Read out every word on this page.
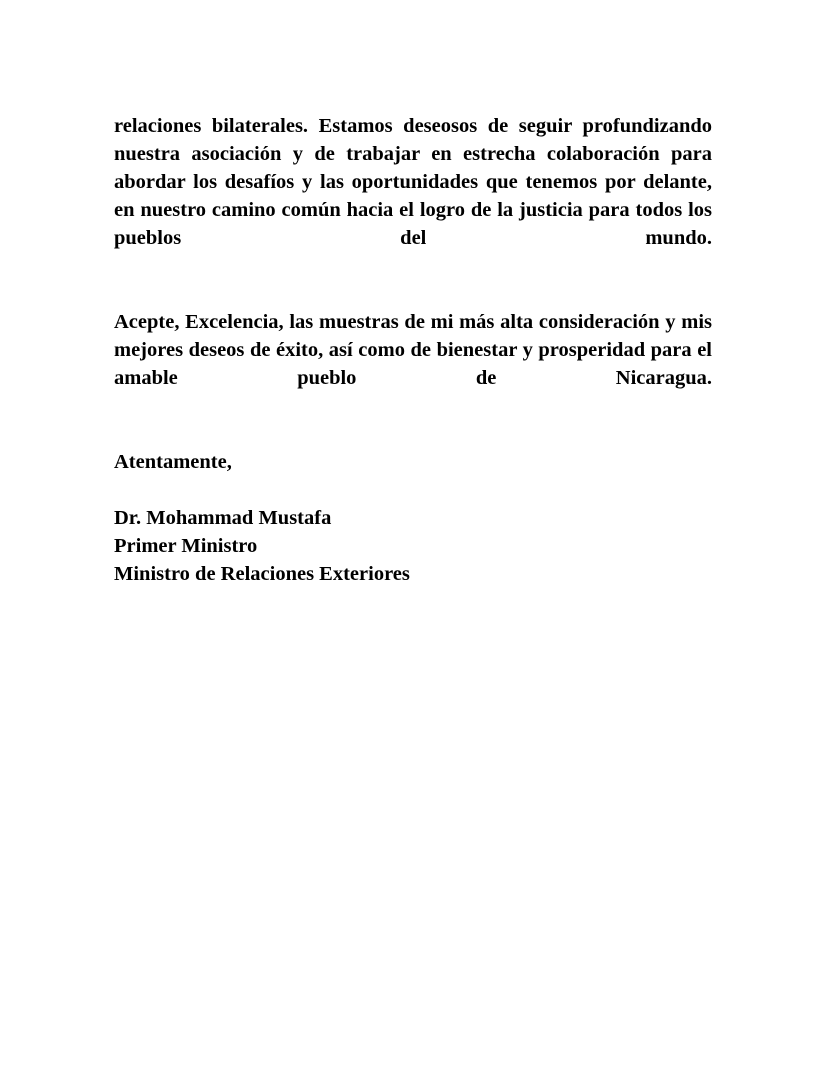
relaciones bilaterales. Estamos deseosos de seguir profundizando nuestra asociación y de trabajar en estrecha colaboración para abordar los desafíos y las oportunidades que tenemos por delante, en nuestro camino común hacia el logro de la justicia para todos los pueblos del mundo.

Acepte, Excelencia, las muestras de mi más alta consideración y mis mejores deseos de éxito, así como de bienestar y prosperidad para el amable pueblo de Nicaragua.

Atentamente,

Dr. Mohammad Mustafa
Primer Ministro
Ministro de Relaciones Exteriores
